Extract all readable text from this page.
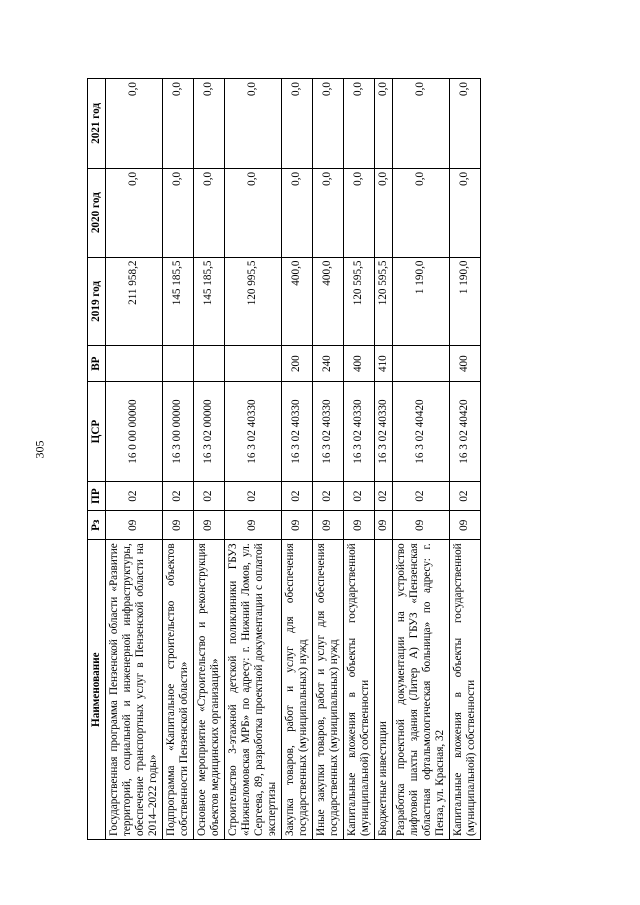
305
Наименование	Рз	ПР	ЦСР	ВР	2019 год	2020 год	2021 год
Государственная программа Пензенской области «Развитие территорий, социальной и инженерной инфраструктуры, обеспечение транспортных услуг в Пензенской области на 2014–2022 годы»	09	02	16 0 00 00000		211 958,2	0,0	0,0
Подпрограмма «Капитальное строительство объектов собственности Пензенской области»	09	02	16 3 00 00000		145 185,5	0,0	0,0
Основное мероприятие «Строительство и реконструкция объектов медицинских организаций»	09	02	16 3 02 00000		145 185,5	0,0	0,0
Строительство 3-этажной детской поликлиники ГБУЗ «Нижнеломовская МРБ» по адресу: г. Нижний Ломов, ул. Сергеева, 89, разработка проектной документации с оплатой экспертизы	09	02	16 3 02 40330		120 995,5	0,0	0,0
Закупка товаров, работ и услуг для обеспечения государственных (муниципальных) нужд	09	02	16 3 02 40330	200	400,0	0,0	0,0
Иные закупки товаров, работ и услуг для обеспечения государственных (муниципальных) нужд	09	02	16 3 02 40330	240	400,0	0,0	0,0
Капитальные вложения в объекты государственной (муниципальной) собственности	09	02	16 3 02 40330	400	120 595,5	0,0	0,0
Бюджетные инвестиции	09	02	16 3 02 40330	410	120 595,5	0,0	0,0
Разработка проектной документации на устройство лифтовой шахты здания (Литер А) ГБУЗ «Пензенская областная офтальмологическая больница» по адресу: г. Пенза, ул. Красная, 32	09	02	16 3 02 40420		1 190,0	0,0	0,0
Капитальные вложения в объекты государственной (муниципальной) собственности	09	02	16 3 02 40420	400	1 190,0	0,0	0,0
